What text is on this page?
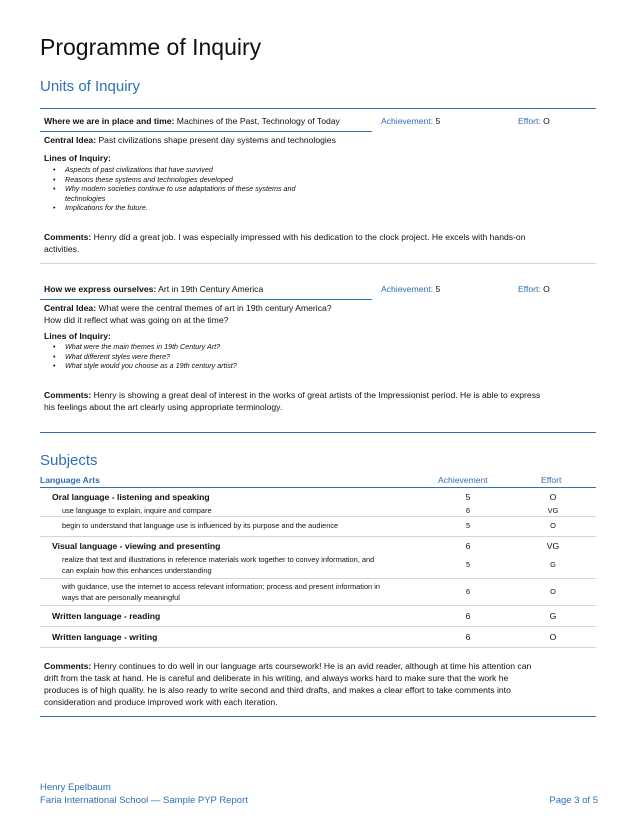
Programme of Inquiry
Units of Inquiry
Where we are in place and time: Machines of the Past, Technology of Today	Achievement: 5	Effort: O
Central Idea: Past civilizations shape present day systems and technologies
Lines of Inquiry:
• Aspects of past civilizations that have survived
• Reasons these systems and technologies developed
• Why modern societies continue to use adaptations of these systems and
technologies
• Implications for the future.
Comments: Henry did a great job. I was especially impressed with his dedication to the clock project. He excels with hands-on
activities.
How we express ourselves: Art in 19th Century America	Achievement: 5	Effort: O
Central Idea: What were the central themes of art in 19th century America?
How did it reflect what was going on at the time?
Lines of Inquiry:
• What were the main themes in 19th Century Art?
• What different styles were there?
• What style would you choose as a 19th century artist?
Comments: Henry is showing a great deal of interest in the works of great artists of the Impressionist period. He is able to express
his feelings about the art clearly using appropriate terminology.
Subjects
Language Arts	Achievement	Effort
Oral language - listening and speaking	5	O
use language to explain, inquire and compare	6	VG
begin to understand that language use is influenced by its purpose and the audience	5	O
Visual language - viewing and presenting	6	VG
realize that text and illustrations in reference materials work together to convey information, and
can explain how this enhances understanding
5	G
with guidance, use the internet to access relevant information; process and present information in
ways that are personally meaningful
6	O
Written language - reading	6	G
Written language - writing	6	O
Comments: Henry continues to do well in our language arts coursework! He is an avid reader, although at time his attention can
drift from the task at hand. He is careful and deliberate in his writing, and always works hard to make sure that the work he
produces is of high quality. he is also ready to write second and third drafts, and makes a clear effort to take comments into
consideration and produce improved work with each iteration.
Henry Epelbaum
Faria International School — Sample PYP Report	Page 3 of 5
